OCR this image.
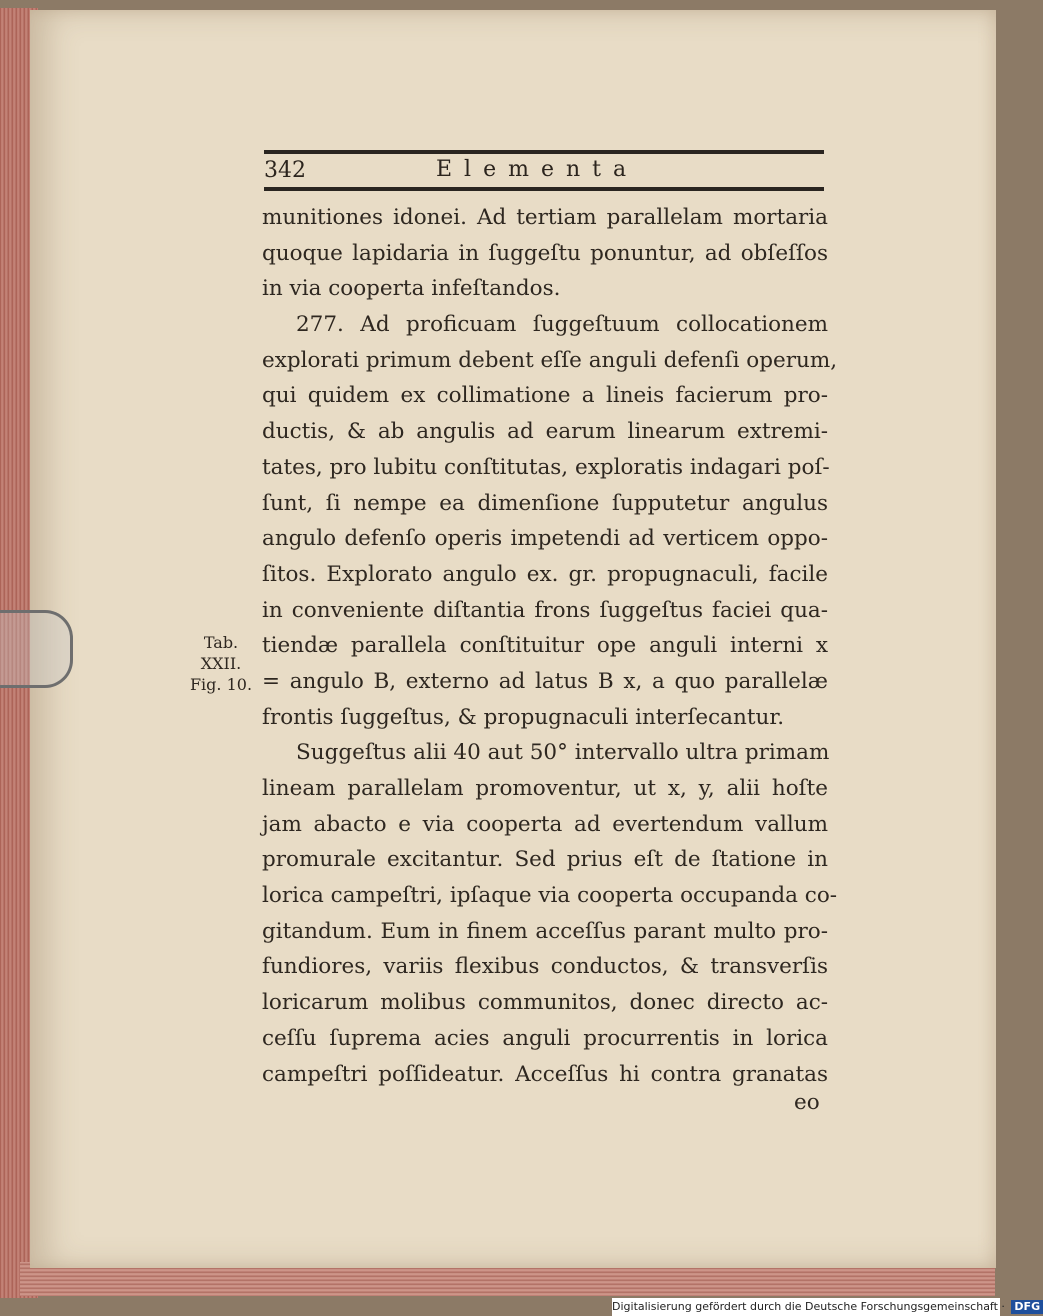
342	Elementa
munitiones idonei. Ad tertiam parallelam mortaria
quoque lapidaria in ſuggeſtu ponuntur, ad obſeſſos
in via cooperta infeſtandos.
277. Ad proficuam ſuggeſtuum collocationem
explorati primum debent eſſe anguli defenſi operum,
qui quidem ex collimatione a lineis facierum pro-
ductis, & ab angulis ad earum linearum extremi-
tates, pro lubitu conſtitutas, exploratis indagari poſ-
ſunt, ſi nempe ea dimenſione ſupputetur angulus
angulo defenſo operis impetendi ad verticem oppo-
ſitos. Explorato angulo ex. gr. propugnaculi, facile
in conveniente diſtantia frons ſuggeſtus faciei qua-
tiendæ parallela conſtituitur ope anguli interni x
= angulo B, externo ad latus B x, a quo parallelæ
frontis ſuggeſtus, & propugnaculi interſecantur.
Suggeſtus alii 40 aut 50° intervallo ultra primam
lineam parallelam promoventur, ut x, y, alii hoſte
jam abacto e via cooperta ad evertendum vallum
promurale excitantur. Sed prius eſt de ſtatione in
lorica campeſtri, ipſaque via cooperta occupanda co-
gitandum. Eum in finem acceſſus parant multo pro-
fundiores, variis flexibus conductos, & transverſis
loricarum molibus communitos, donec directo ac-
ceſſu ſuprema acies anguli procurrentis in lorica
campeſtri poſſideatur. Acceſſus hi contra granatas
Tab.
XXII.
Fig. 10.
eo
Digitalisierung gefördert durch die Deutsche Forschungsgemeinschaft · DFG
